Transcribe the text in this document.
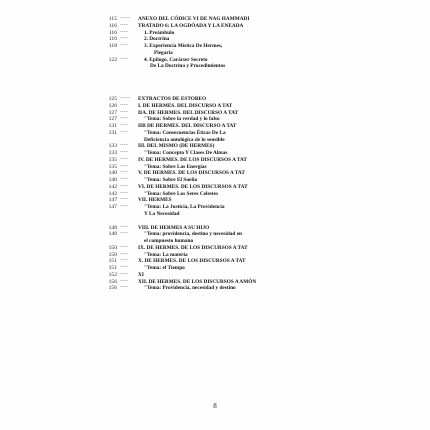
115 ——	ANEXO DEL CÓDICE VI DE NAG HAMMADI
116 ----	TRATADO 6: LA OGDÓADA Y LA ENEADA
116 ----	1. Preámbulo
116 ----	2. Doctrina
118 ----	3. Experiencia Mística De Hermes,
Plegaria
122 ----	4. Epílogo. Carácter Secreto
De La Doctrina y Procedimientos
125 ——	EXTRACTOS DE ESTOBEO
126 ----	I. DE HERMES. DEL DISCURSO A TAT
127 ----	IIA. DE HERMES. DEL DISCURSO A TAT
127 ----	"Tema: Sobre la verdad y lo falso
131 ----	IIB DE HERMES. DEL DISCURSO A TAT
131 ----	"Tema: Consecuencias Éticas De La
Deficiencia ontológica de lo sensible
133 ----	III. DEL MISMO (DE HERMES)
133 ----	"Tema: Concepto Y Clases De Almas
135 ----	IV. DE HERMES. DE LOS DISCURSOS A TAT
135 ----	"Tema: Sobre Las Energías
140 ----	V. DE HERMES. DE LOS DISCURSOS A TAT
140 ----	"Tema: Sobre El Sueño
142 ----	VI. DE HERMES. DE LOS DISCURSOS A TAT
142 ----	"Tema: Sobre Los Seres Celestes
147 ----	VII. HERMES
147 ----	"Tema: La Justicia, La Providencia
Y La Necesidad
148 ----	VIII. DE HERMES A SU HIJO
148 ----	"Tema: providencia, destino y necesidad en
el compuesto humano
150 ----	IX. DE HERMES. DE LOS DISCURSOS A TAT
150 ----	"Tema: La materia
151 ----	X. DE HERMES. DE LOS DISCURSOS A TAT
151 ----	"Tema: el Tiempo
152 ----	XI
156 ----	XII. DE HERMES. DE LOS DISCURSOS A AMÓN
156 ----	"Tema: Providencia, necesidad y destino
8
